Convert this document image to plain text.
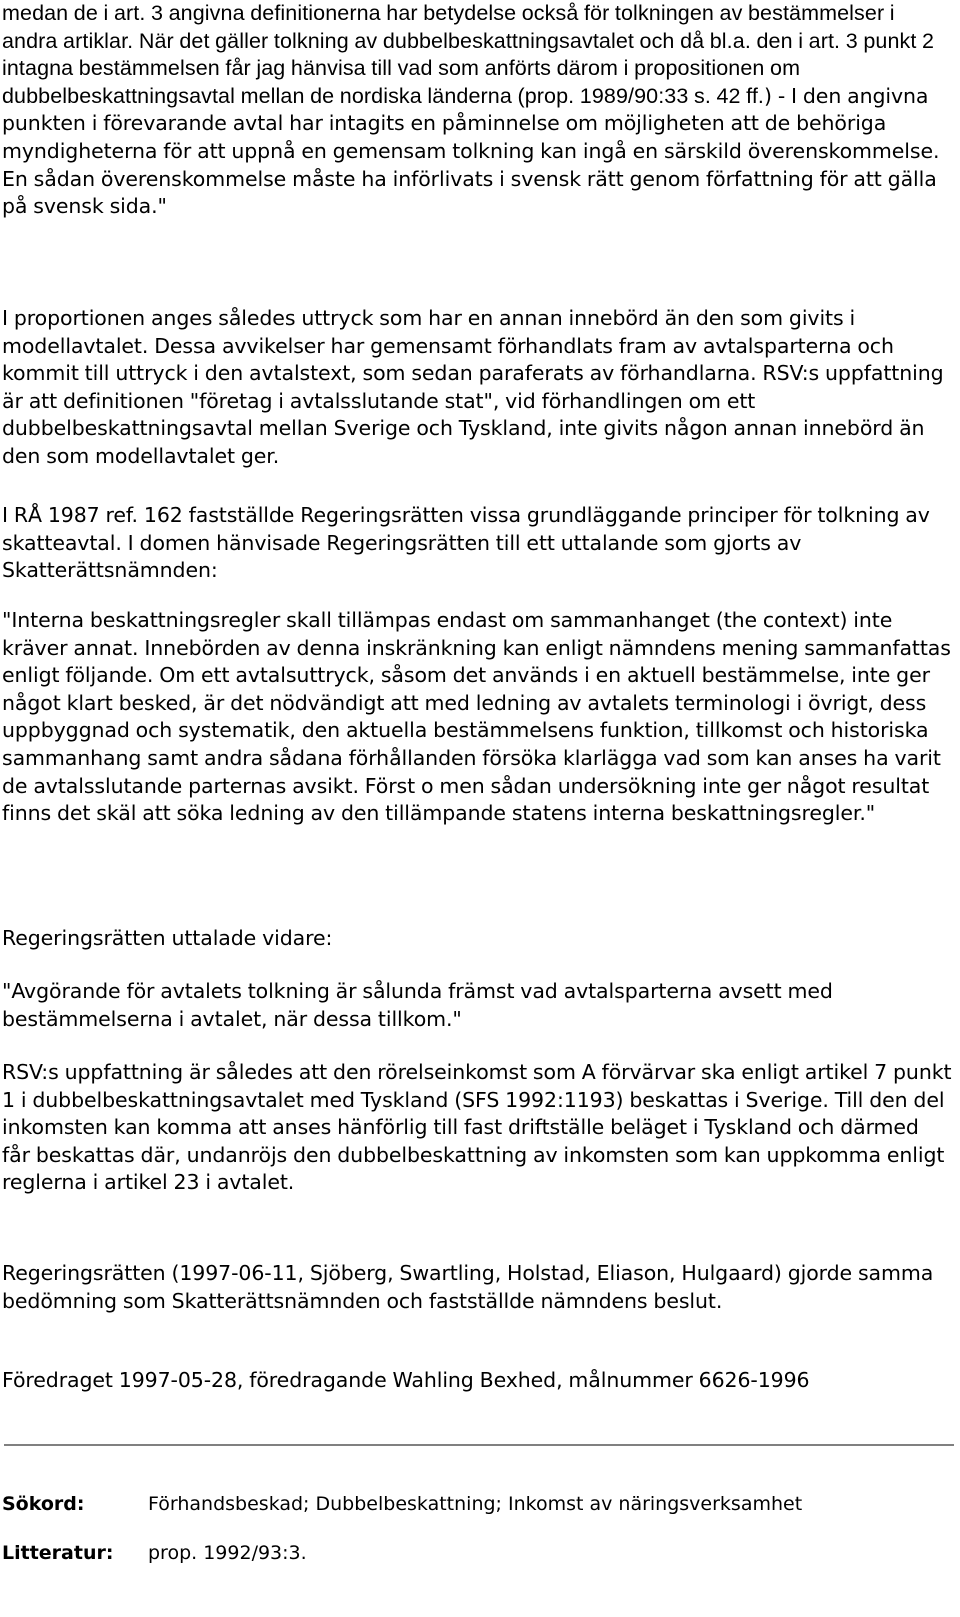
medan de i art. 3 angivna definitionerna har betydelse också för tolkningen av bestämmelser i andra artiklar. När det gäller tolkning av dubbelbeskattningsavtalet och då bl.a. den i art. 3 punkt 2 intagna bestämmelsen får jag hänvisa till vad som anförts därom i propositionen om dubbelbeskattningsavtal mellan de nordiska länderna (prop. 1989/90:33 s. 42 ff.) - I den angivna punkten i förevarande avtal har intagits en påminnelse om möjligheten att de behöriga myndigheterna för att uppnå en gemensam tolkning kan ingå en särskild överenskommelse. En sådan överenskommelse måste ha införlivats i svensk rätt genom författning för att gälla på svensk sida."

I proportionen anges således uttryck som har en annan innebörd än den som givits i modellavtalet. Dessa avvikelser har gemensamt förhandlats fram av avtalsparterna och kommit till uttryck i den avtalstext, som sedan paraferats av förhandlarna. RSV:s uppfattning är att definitionen "företag i avtalsslutande stat", vid förhandlingen om ett dubbelbeskattningsavtal mellan Sverige och Tyskland, inte givits någon annan innebörd än den som modellavtalet ger.

I RÅ 1987 ref. 162 fastställde Regeringsrätten vissa grundläggande principer för tolkning av skatteavtal. I domen hänvisade Regeringsrätten till ett uttalande som gjorts av Skatterättsnämnden:

"Interna beskattningsregler skall tillämpas endast om sammanhanget (the context) inte kräver annat. Innebörden av denna inskränkning kan enligt nämndens mening sammanfattas enligt följande. Om ett avtalsuttryck, såsom det används i en aktuell bestämmelse, inte ger något klart besked, är det nödvändigt att med ledning av avtalets terminologi i övrigt, dess uppbyggnad och systematik, den aktuella bestämmelsens funktion, tillkomst och historiska sammanhang samt andra sådana förhållanden försöka klarlägga vad som kan anses ha varit de avtalsslutande parternas avsikt. Först o men sådan undersökning inte ger något resultat finns det skäl att söka ledning av den tillämpande statens interna beskattningsregler."

Regeringsrätten uttalade vidare:

"Avgörande för avtalets tolkning är sålunda främst vad avtalsparterna avsett med bestämmelserna i avtalet, när dessa tillkom."

RSV:s uppfattning är således att den rörelseinkomst som A förvärvar ska enligt artikel 7 punkt 1 i dubbelbeskattningsavtalet med Tyskland (SFS 1992:1193) beskattas i Sverige. Till den del inkomsten kan komma att anses hänförlig till fast driftställe beläget i Tyskland och därmed får beskattas där, undanröjs den dubbelbeskattning av inkomsten som kan uppkomma enligt reglerna i artikel 23 i avtalet.

Regeringsrätten (1997-06-11, Sjöberg, Swartling, Holstad, Eliason, Hulgaard) gjorde samma bedömning som Skatterättsnämnden och fastställde nämndens beslut.

Föredraget 1997-05-28, föredragande Wahling Bexhed, målnummer 6626-1996

Sökord:	Förhandsbeskad; Dubbelbeskattning; Inkomst av näringsverksamhet
Litteratur: prop. 1992/93:3.
